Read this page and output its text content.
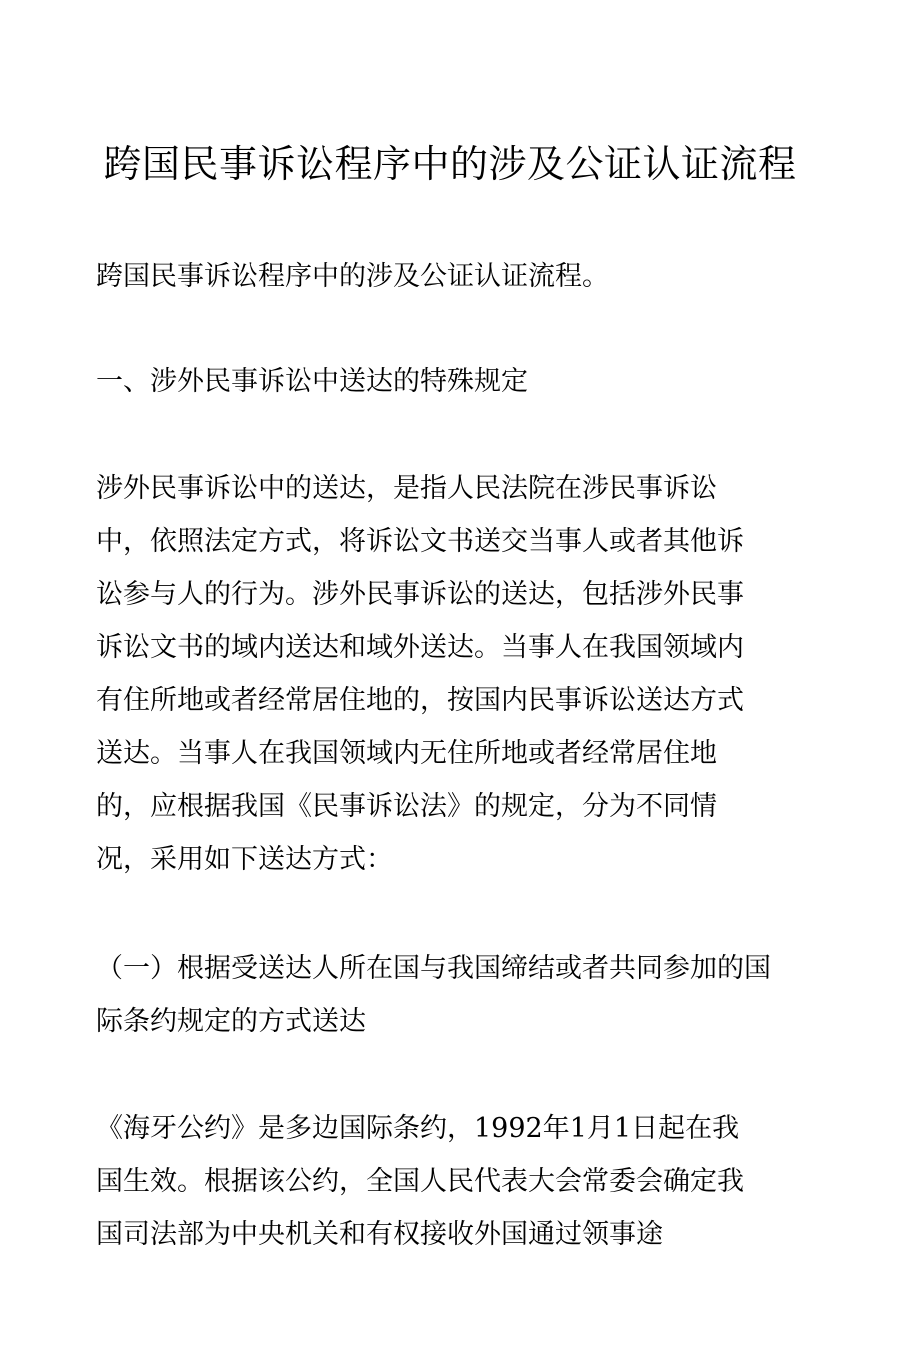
跨国民事诉讼程序中的涉及公证认证流程

跨国民事诉讼程序中的涉及公证认证流程。

一、涉外民事诉讼中送达的特殊规定

涉外民事诉讼中的送达，是指人民法院在涉民事诉讼中，依照法定方式，将诉讼文书送交当事人或者其他诉讼参与人的行为。涉外民事诉讼的送达，包括涉外民事诉讼文书的域内送达和域外送达。当事人在我国领域内有住所地或者经常居住地的，按国内民事诉讼送达方式送达。当事人在我国领域内无住所地或者经常居住地的，应根据我国《民事诉讼法》的规定，分为不同情况，采用如下送达方式：

（一）根据受送达人所在国与我国缔结或者共同参加的国际条约规定的方式送达

《海牙公约》是多边国际条约，1992年1月1日起在我国生效。根据该公约，全国人民代表大会常委会确定我国司法部为中央机关和有权接收外国通过领事途
